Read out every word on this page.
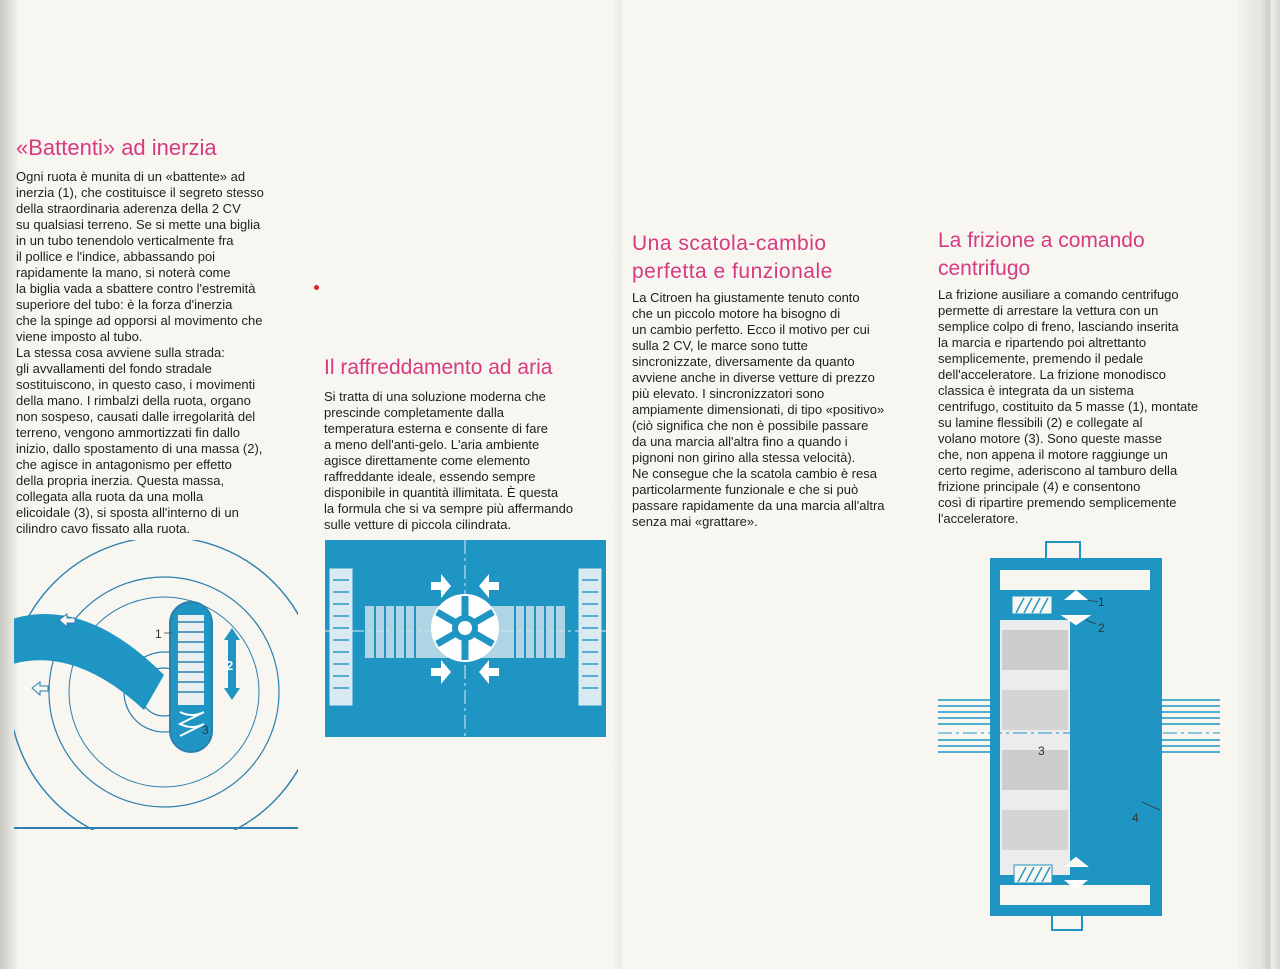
«Battenti» ad inerzia
Ogni ruota è munita di un «battente» ad
inerzia (1), che costituisce il segreto stesso
della straordinaria aderenza della 2 CV
su qualsiasi terreno. Se si mette una biglia
in un tubo tenendolo verticalmente fra
il pollice e l'indice, abbassando poi
rapidamente la mano, si noterà come
la biglia vada a sbattere contro l'estremità
superiore del tubo: è la forza d'inerzia
che la spinge ad opporsi al movimento che
viene imposto al tubo.
La stessa cosa avviene sulla strada:
gli avvallamenti del fondo stradale
sostituiscono, in questo caso, i movimenti
della mano. I rimbalzi della ruota, organo
non sospeso, causati dalle irregolarità del
terreno, vengono ammortizzati fin dallo
inizio, dallo spostamento di una massa (2),
che agisce in antagonismo per effetto
della propria inerzia. Questa massa,
collegata alla ruota da una molla
elicoidale (3), si sposta all'interno di un
cilindro cavo fissato alla ruota.
Il raffreddamento ad aria
Si tratta di una soluzione moderna che
prescinde completamente dalla
temperatura esterna e consente di fare
a meno dell'anti-gelo. L'aria ambiente
agisce direttamente come elemento
raffreddante ideale, essendo sempre
disponibile in quantità illimitata. È questa
la formula che si va sempre più affermando
sulle vetture di piccola cilindrata.
Una scatola-cambio
perfetta e funzionale
La Citroen ha giustamente tenuto conto
che un piccolo motore ha bisogno di
un cambio perfetto. Ecco il motivo per cui
sulla 2 CV, le marce sono tutte
sincronizzate, diversamente da quanto
avviene anche in diverse vetture di prezzo
più elevato. I sincronizzatori sono
ampiamente dimensionati, di tipo «positivo»
(ciò significa che non è possibile passare
da una marcia all'altra fino a quando i
pignoni non girino alla stessa velocità).
Ne consegue che la scatola cambio è resa
particolarmente funzionale e che si può
passare rapidamente da una marcia all'altra
senza mai «grattare».
La frizione a comando
centrifugo
La frizione ausiliare a comando centrifugo
permette di arrestare la vettura con un
semplice colpo di freno, lasciando inserita
la marcia e ripartendo poi altrettanto
semplicemente, premendo il pedale
dell'acceleratore. La frizione monodisco
classica è integrata da un sistema
centrifugo, costituito da 5 masse (1), montate
su lamine flessibili (2) e collegate al
volano motore (3). Sono queste masse
che, non appena il motore raggiunge un
certo regime, aderiscono al tamburo della
frizione principale (4) e consentono
così di ripartire premendo semplicemente
l'acceleratore.
1
2
3
1
2
3
4
